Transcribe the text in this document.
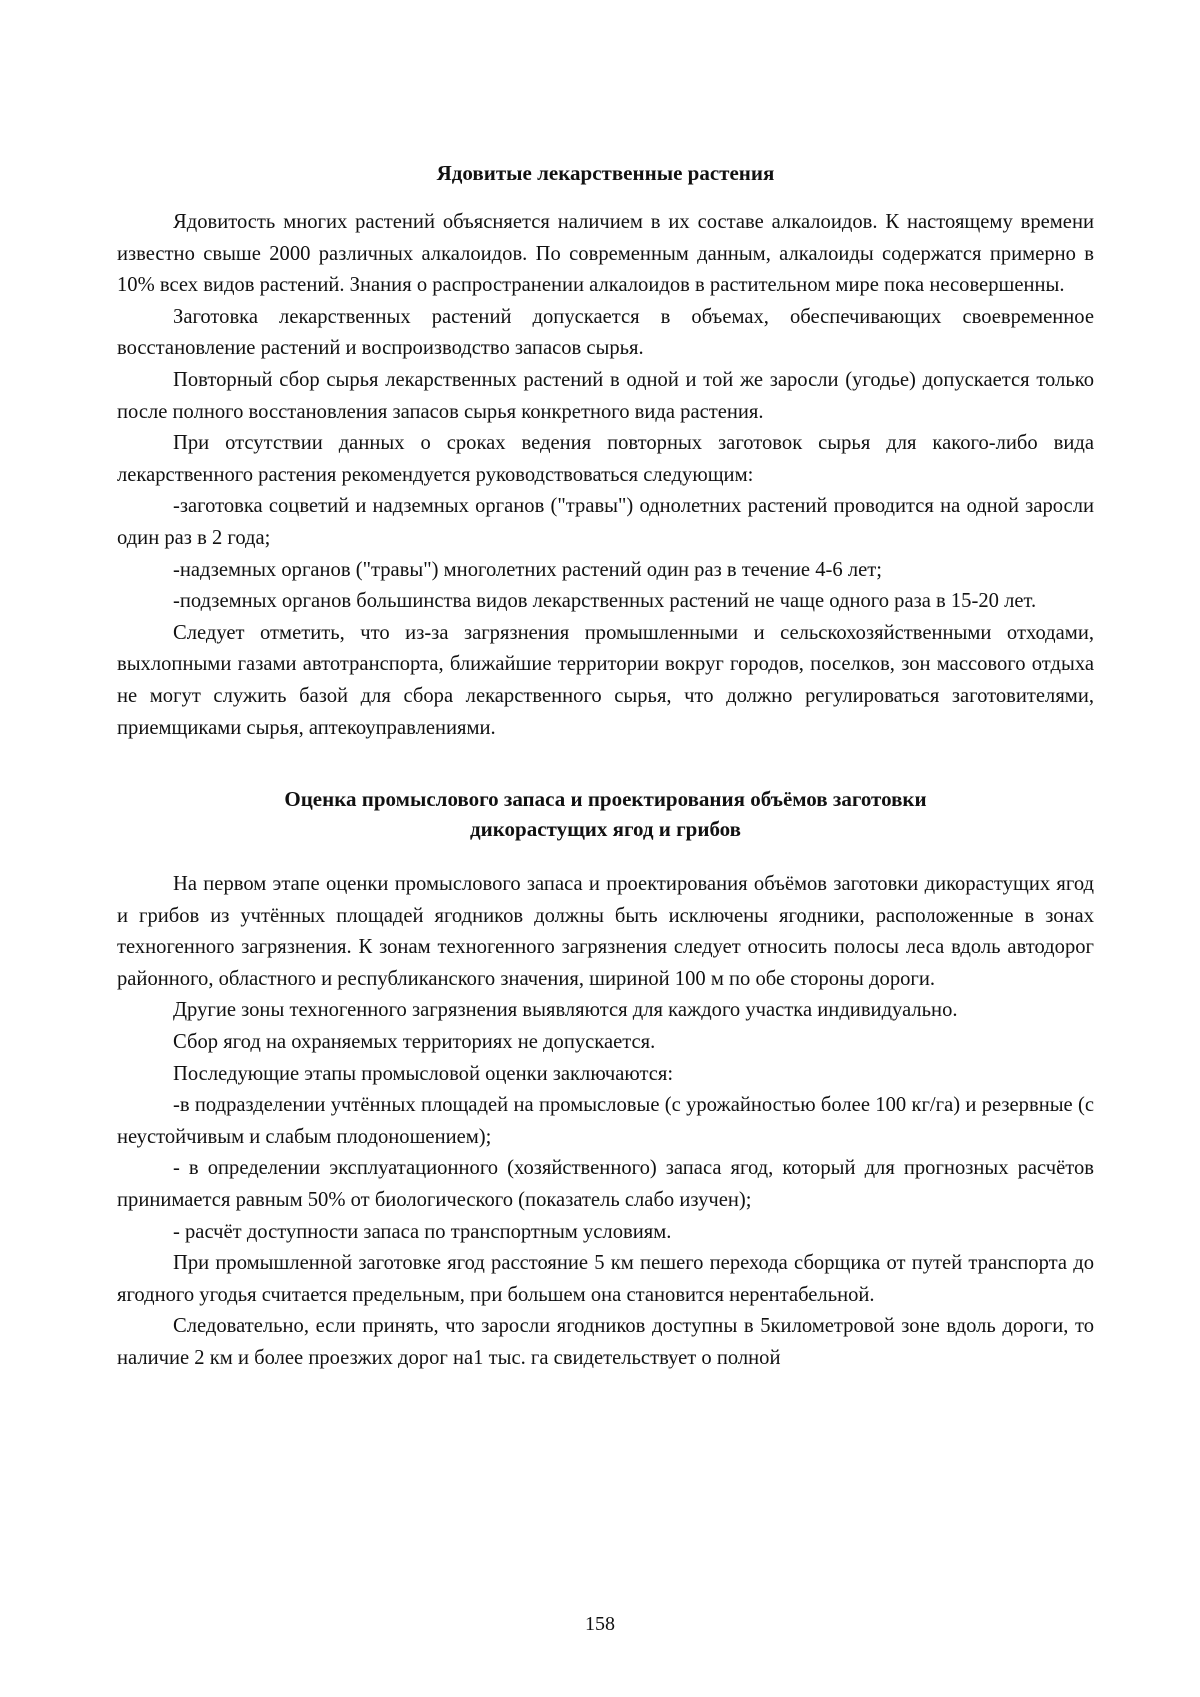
Ядовитые лекарственные растения

Ядовитость многих растений объясняется наличием в их составе алкалоидов. К настоящему времени известно свыше 2000 различных алкалоидов. По современным данным, алкалоиды содержатся примерно в 10% всех видов растений. Знания о распространении алкалоидов в растительном мире пока несовершенны.

Заготовка лекарственных растений допускается в объемах, обеспечивающих своевременное восстановление растений и воспроизводство запасов сырья.

Повторный сбор сырья лекарственных растений в одной и той же заросли (угодье) допускается только после полного восстановления запасов сырья конкретного вида растения.

При отсутствии данных о сроках ведения повторных заготовок сырья для какого-либо вида лекарственного растения рекомендуется руководствоваться следующим:

-заготовка соцветий и надземных органов ("травы") однолетних растений проводится на одной заросли один раз в 2 года;

-надземных органов ("травы") многолетних растений один раз в течение 4-6 лет;

-подземных органов большинства видов лекарственных растений не чаще одного раза в 15-20 лет.

Следует отметить, что из-за загрязнения промышленными и сельскохозяйственными отходами, выхлопными газами автотранспорта, ближайшие территории вокруг городов, поселков, зон массового отдыха не могут служить базой для сбора лекарственного сырья, что должно регулироваться заготовителями, приемщиками сырья, аптекоуправлениями.

Оценка промыслового запаса и проектирования объёмов заготовки
дикорастущих ягод и грибов

На первом этапе оценки промыслового запаса и проектирования объёмов заготовки дикорастущих ягод и грибов из учтённых площадей ягодников должны быть исключены ягодники, расположенные в зонах техногенного загрязнения. К зонам техногенного загрязнения следует относить полосы леса вдоль автодорог районного, областного и республиканского значения, шириной 100 м по обе стороны дороги.

Другие зоны техногенного загрязнения выявляются для каждого участка индивидуально.

Сбор ягод на охраняемых территориях не допускается.

Последующие этапы промысловой оценки заключаются:

-в подразделении учтённых площадей на промысловые (с урожайностью более 100 кг/га) и резервные (с неустойчивым и слабым плодоношением);

- в определении эксплуатационного (хозяйственного) запаса ягод, который для прогнозных расчётов принимается равным 50% от биологического (показатель слабо изучен);

- расчёт доступности запаса по транспортным условиям.

При промышленной заготовке ягод расстояние 5 км пешего перехода сборщика от путей транспорта до ягодного угодья считается предельным, при большем она становится нерентабельной.

Следовательно, если принять, что заросли ягодников доступны в 5километровой зоне вдоль дороги, то наличие 2 км и более проезжих дорог на1 тыс. га свидетельствует о полной

158
